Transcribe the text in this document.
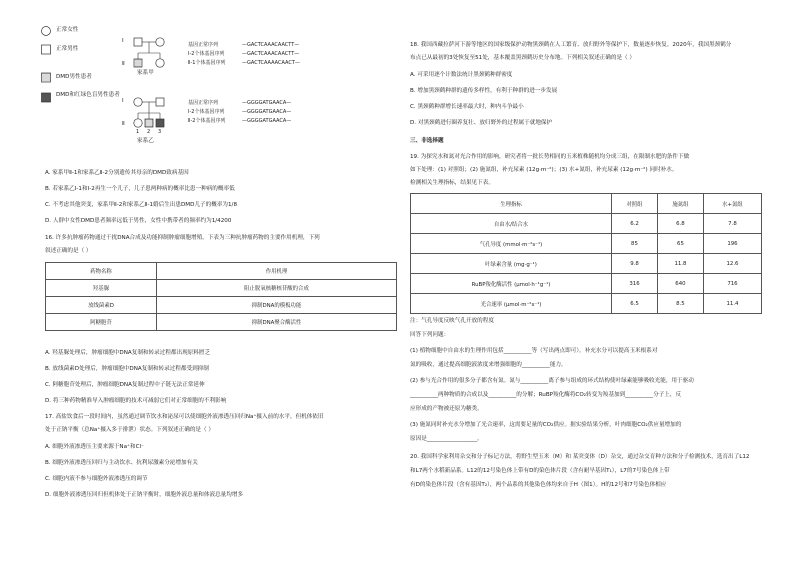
正常女性
正常男性
DMD男性患者
DMD和红绿色盲男性患者
Ⅰ
Ⅱ
家系甲
基因正常序列	—GACTCAAACAACTT—
Ⅰ-2个体基因序列	—GACTCAAACAACTT—
Ⅱ-1个体基因序列	—GACTCAAAACAACT—
Ⅰ
Ⅱ
1 2 3
家系乙
基因正常序列	—GGGGATGAACA—
Ⅰ-2个体基因序列	—GGGGATGAACA—
Ⅱ-2个体基因序列	—GGGGATGAACA—
A. 家系甲Ⅱ-1和家系乙Ⅱ-2分别遗传其母亲的DMD致病基因
B. 若家系乙Ⅰ-1和Ⅰ-2再生一个儿子，儿子患两种病的概率比患一种病的概率低
C. 不考虑其他突变，家系甲Ⅱ-2和家系乙Ⅱ-1婚后生出患DMD儿子的概率为1/8
D. 人群中女性DMD患者频率远低于男性，女性中携带者的频率约为1/4200
16. 许多抗肿瘤药物通过干扰DNA合成及功能抑制肿瘤细胞增殖。下表为三种抗肿瘤药物的主要作用机理，下列
叙述正确的是（ ）
药物名称	作用机理
羟基脲	阻止脱氧核糖核苷酸的合成
放线菌素D	抑制DNA的模板功能
阿糖胞苷	抑制DNA聚合酶活性
A. 羟基脲处理后，肿瘤细胞中DNA复制和转录过程都出现原料匮乏
B. 放线菌素D处理后，肿瘤细胞中DNA复制和转录过程都受到抑制
C. 阿糖胞苷处理后，肿瘤细胞DNA复制过程中子链无法正常延伸
D. 将三种药物精准导入肿瘤细胞的技术可减弱它们对正常细胞的不利影响
17. 高盐饮食后一段时间内，虽然通过调节饮水和泌尿可以使细胞外液渗透压回归Na⁺摄入前的水平，但机体依旧
处于正钠平衡（总Na⁺摄入多于排泄）状态。下列叙述正确的是（ ）
A. 细胞外液渗透压主要来源于Na⁺和Cl⁻
B. 细胞外液渗透压回归与主动饮水、抗利尿激素分泌增加有关
C. 细胞内液不参与细胞外液渗透压的调节
D. 细胞外液渗透压回归但机体处于正钠平衡时，细胞外液总量和体液总量均增多
18. 我国西藏拉萨河下游等地区的国家级保护动物黑颈鹤在人工繁育、放归野外等保护下，数量逐步恢复。2020年，我国黑颈鹤分
布点已从最初的3处恢复至51处，基本覆盖黑颈鹤历史分布地。下列相关叙述正确的是（ ）
A. 可采用逐个计数法统计黑颈鹤种群密度
B. 增加黑颈鹤种群的遗传多样性，有利于种群的进一步发展
C. 黑颈鹤种群增长速率最大时，种内斗争最小
D. 对黑颈鹤进行圈养复壮、放归野外的过程属于就地保护
三、非选择题
19. 为探究水和氮对光合作用的影响，研究者将一批长势相同的玉米植株随机均分成三组，在限制水肥的条件下做
如下处理：(1) 对照组；(2) 施氮组，补充尿素 (12g·m⁻²)；(3) 水+氮组，补充尿素 (12g·m⁻²) 同时补水。
检测相关生理指标，结果见下表。
生理指标	对照组	施氮组	水+氮组
自由水/结合水	6.2	6.8	7.8
气孔导度 (mmol·m⁻²s⁻¹)	85	65	196
叶绿素含量 (mg·g⁻¹)	9.8	11.8	12.6
RuBP羧化酶活性 (μmol·h⁻¹g⁻¹)	316	640	716
光合速率 (μmol·m⁻²s⁻¹)	6.5	8.5	11.4
注：气孔导度反映气孔开放的程度
回答下列问题：
(1) 植物细胞中自由水的生理作用包括__________等（写出两点即可）。补充水分可以提高玉米根系对
氮的吸收，通过提高细胞液浓度来增强细胞的__________能力。
(2) 参与光合作用的很多分子都含有氮。氮与__________离子参与组成的环式结构使叶绿素能够吸收光能，用于驱动
__________两种物质的合成以及__________的分解；RuBP羧化酶将CO₂转变为羧基加到__________分子上，反
应形成的产物被还原为糖类。
(3) 施氮同时补充水分增加了光合速率，这需要足量的CO₂供应。据实验结果分析，叶肉细胞CO₂供应量增加的
原因是__________________。
20. 我国科学家利用杂交和分子标记方法，将野生型玉米（M）和 某突变体（D）杂交，通过杂交育种方法和分子检测技术，选育出了L12
和L7两个水稻新品系。L12的12号染色体上带有D的染色体片段（含有耐旱基因T₁），L7的7号染色体上带
有D的染色体片段（含有基因T₂），两个品系的其他染色体均来自于H（图1）。H的12号和7号染色体相应
